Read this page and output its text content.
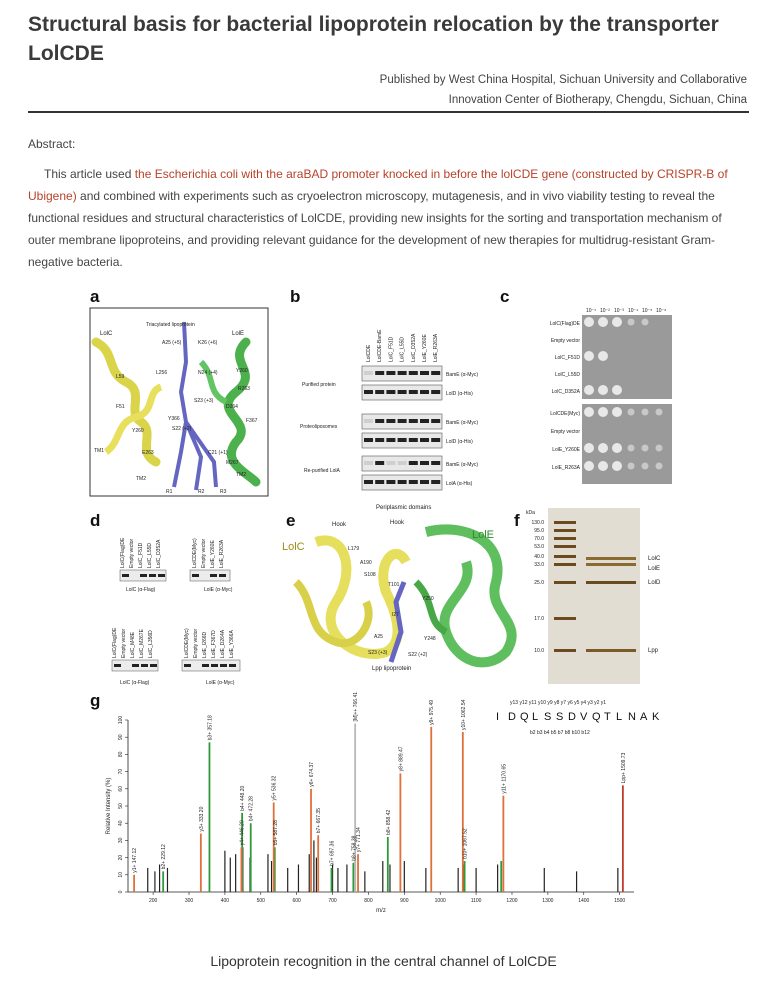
Structural basis for bacterial lipoprotein relocation by the transporter LolCDE
Published by West China Hospital, Sichuan University and Collaborative
Innovation Center of Biotherapy, Chengdu, Sichuan, China
Abstract:
This article used the Escherichia coli with the araBAD promoter knocked in before the lolCDE gene (constructed by CRISPR-B of Ubigene) and combined with experiments such as cryoelectron microscopy, mutagenesis, and in vivo viability testing to reveal the functional residues and structural characteristics of LolCDE, providing new insights for the sorting and transportation mechanism of outer membrane lipoproteins, and providing relevant guidance for the development of new therapies for multidrug-resistant Gram-negative bacteria.
a
LolC	LolE
Triacylated lipoprotein
A25 (+5)	K26 (+6)
N24 (+4)
S23 (+3)
S22 (+2)
C21 (+1)
Y260
R263
D264
F367
M267
L256
L59
F51
Y366
Y260
E263
TM1
TM2
TM2
R1	R2	R3
b
LolCDE LolCDE-BamE LolC_F51D LolC_L55D LolC_D352A LolE_Y260E LolE_R263A
BamE (α-Myc)
LolD (α-His)
BamE (α-Myc)
LolD (α-His)
BamE (α-Myc)
LolA (α-His)
Purified protein
Proteoliposomes
Re-purified LolA
c
10⁻¹ 10⁻² 10⁻³ 10⁻⁴ 10⁻⁵ 10⁻⁶
LolC(Flag)DE
Empty vector
LolC_F51D
LolC_L55D
LolC_D352A
LolCDE(Myc)
Empty vector
LolE_Y260E
LolE_R263A
d
LolC(Flag)DE Empty vector LolC_F51D LolC_L55D LolC_D352A	LolCDE(Myc) Empty vector LolE_Y260E LolE_R263A
LolC(Flag)DE Empty vector LolC_M48E LolC_M267E LolC_L356D	LolCDE(Myc) Empty vector LolE_I266D LolE_F367D LolE_D264A LolE_Y366A
LolC (α-Flag)	LolE (α-Myc)
LolC (α-Flag)	LolE (α-Myc)
e
Periplasmic domains
Hook	Hook
LolC
LolE
L179
A190
S108
T101
Y250
I27
A25	Y248
S23 (+3)	S22 (+2)
Lpp lipoprotein
f 130.0
95.0
70.0
53.0
40.0
33.0
25.0
17.0
10.0
LolC
LolE
LolD
Lpp
kDa
g
200	300	400	500	600	700	800	900	1000	1100	1200	1300	1400	1500
0
10
20
30
40
50
60
70
80
90
100
m/z
Relative Intensity (%)
y1+ 147.12	b2+ 229.12
y3+ 333.20
b3+ 357.18
y4+ 446.20
b4+ 448.20 b4+ 472.28
y5+ 536.32
b5+ 587.28
y6+ 674.37
b7+ 667.35
b7+ 697.36	b8+ 758.38
[M]++ 766.41
y7+ 771.34
b8+ 858.42
y8+ 889.47
y9+ 975.49	y10+ 1062.54
b10+ 1067.52
y11+ 1170.65	Lpp+ 1509.73
I D Q L S S D V Q T L N A K
y13 y12 y11 y10 y9 y8 y7 y6 y5 y4 y3 y2 y1
b2 b3 b4 b5 b7 b8 b10 b12
Lipoprotein recognition in the central channel of LolCDE
